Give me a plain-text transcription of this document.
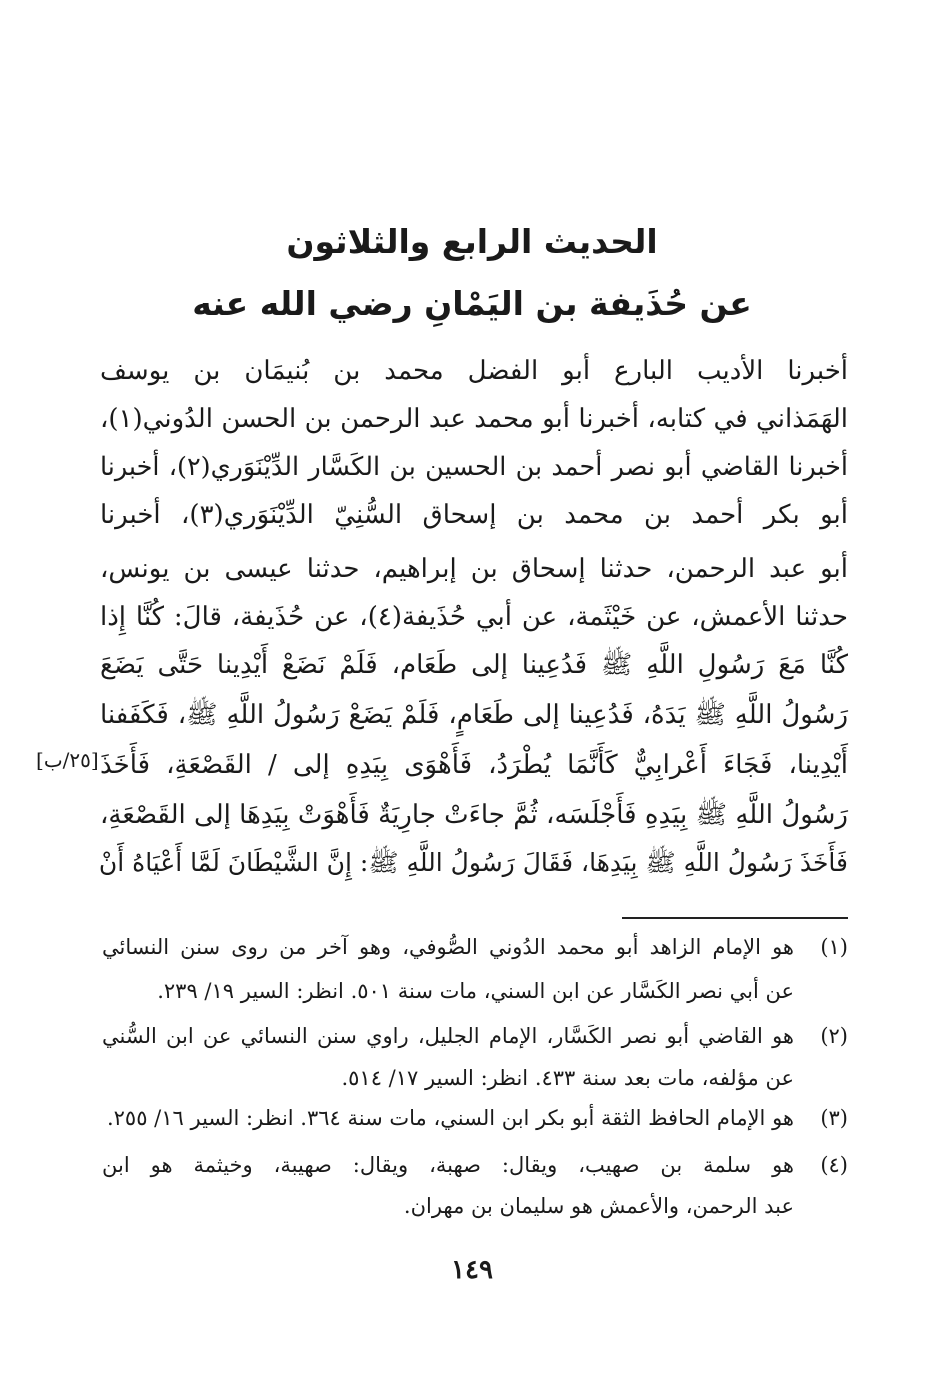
الحديث الرابع والثلاثون
عن حُذَيفة بن اليَمْانِ رضي الله عنه
أخبرنا الأديب البارع أبو الفضل محمد بن بُنيمَان بن يوسف
الهَمَذاني في كتابه، أخبرنا أبو محمد عبد الرحمن بن الحسن الدُوني(١)،
أخبرنا القاضي أبو نصر أحمد بن الحسين بن الكَسَّار الدِّيْنَوَري(٢)، أخبرنا
أبو بكر أحمد بن محمد بن إسحاق السُّنِيّ الدِّيْنَوَري(٣)، أخبرنا
أبو عبد الرحمن، حدثنا إسحاق بن إبراهيم، حدثنا عيسى بن يونس،
حدثنا الأعمش، عن خَيْثَمة، عن أبي حُذَيفة(٤)، عن حُذَيفة، قالَ: كُنَّا إِذا
كُنَّا مَعَ رَسُولِ اللَّهِ ﷺ فَدُعِينا إلى طَعَام، فَلَمْ نَضَعْ أَيْدِينا حَتَّى يَضَعَ
رَسُولُ اللَّهِ ﷺ يَدَهُ، فَدُعِينا إلى طَعَامٍ، فَلَمْ يَضَعْ رَسُولُ اللَّهِ ﷺ، فَكَفَفنا
أَيْدِينا، فَجَاءَ أَعْرابِيٌّ كَأَنَّمَا يُطْرَدُ، فَأَهْوَى بِيَدِهِ إلى / القَصْعَةِ، فَأَخَذَ
رَسُولُ اللَّهِ ﷺ بِيَدِهِ فَأَجْلَسَه، ثُمَّ جاءَتْ جارِيَةٌ فَأَهْوَتْ بِيَدِهَا إلى القَصْعَةِ،
فَأَخَذَ رَسُولُ اللَّهِ ﷺ بِيَدِهَا، فَقَالَ رَسُولُ اللَّهِ ﷺ: إِنَّ الشَّيْطَانَ لَمَّا أَعْيَاهُ أَنْ
[٢٥/ب]
(١)
هو الإمام الزاهد أبو محمد الدُوني الصُّوفي، وهو آخر من روى سنن النسائي
عن أبي نصر الكَسَّار عن ابن السني، مات سنة ٥٠١. انظر: السير ١٩/ ٢٣٩.
(٢)
هو القاضي أبو نصر الكَسَّار، الإمام الجليل، راوي سنن النسائي عن ابن السُّني
عن مؤلفه، مات بعد سنة ٤٣٣. انظر: السير ١٧/ ٥١٤.
(٣)
هو الإمام الحافظ الثقة أبو بكر ابن السني، مات سنة ٣٦٤. انظر: السير ١٦/ ٢٥٥.
(٤)
هو سلمة بن صهيب، ويقال: صهبة، ويقال: صهيبة، وخيثمة هو ابن
عبد الرحمن، والأعمش هو سليمان بن مهران.
١٤٩
